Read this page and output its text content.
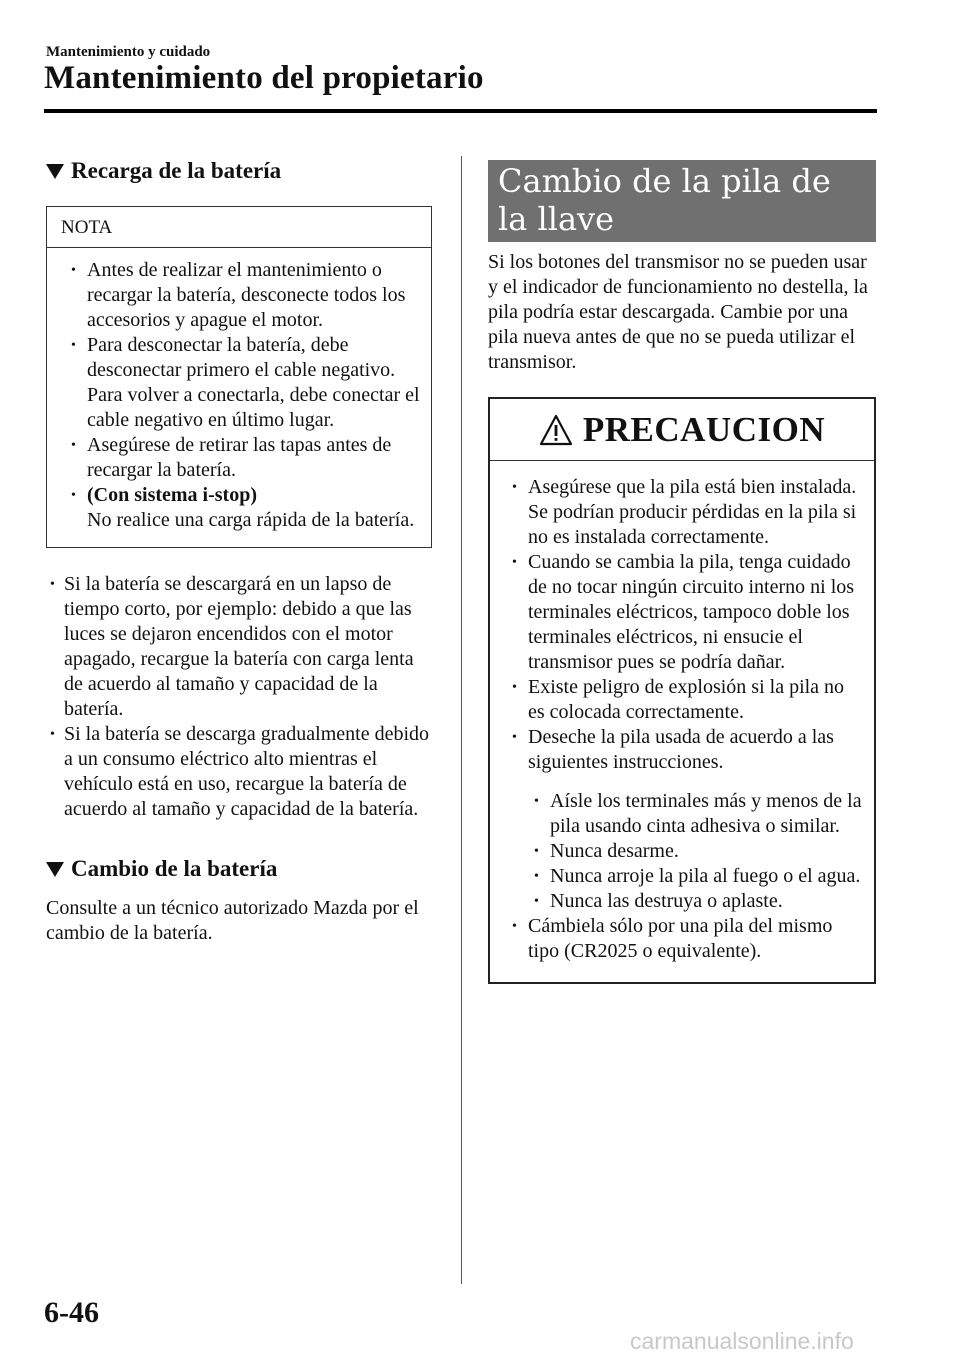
Mantenimiento y cuidado
Mantenimiento del propietario
Recarga de la batería
NOTA
• Antes de realizar el mantenimiento o recargar la batería, desconecte todos los accesorios y apague el motor.
• Para desconectar la batería, debe desconectar primero el cable negativo. Para volver a conectarla, debe conectar el cable negativo en último lugar.
• Asegúrese de retirar las tapas antes de recargar la batería.
• (Con sistema i-stop)
No realice una carga rápida de la batería.
• Si la batería se descargará en un lapso de tiempo corto, por ejemplo: debido a que las luces se dejaron encendidos con el motor apagado, recargue la batería con carga lenta de acuerdo al tamaño y capacidad de la batería.
• Si la batería se descarga gradualmente debido a un consumo eléctrico alto mientras el vehículo está en uso, recargue la batería de acuerdo al tamaño y capacidad de la batería.
Cambio de la batería
Consulte a un técnico autorizado Mazda por el cambio de la batería.
Cambio de la pila de la llave
Si los botones del transmisor no se pueden usar y el indicador de funcionamiento no destella, la pila podría estar descargada. Cambie por una pila nueva antes de que no se pueda utilizar el transmisor.
PRECAUCION
• Asegúrese que la pila está bien instalada. Se podrían producir pérdidas en la pila si no es instalada correctamente.
• Cuando se cambia la pila, tenga cuidado de no tocar ningún circuito interno ni los terminales eléctricos, tampoco doble los terminales eléctricos, ni ensucie el transmisor pues se podría dañar.
• Existe peligro de explosión si la pila no es colocada correctamente.
• Deseche la pila usada de acuerdo a las siguientes instrucciones.
• Aísle los terminales más y menos de la pila usando cinta adhesiva o similar.
• Nunca desarme.
• Nunca arroje la pila al fuego o el agua.
• Nunca las destruya o aplaste.
• Cámbiela sólo por una pila del mismo tipo (CR2025 o equivalente).
6-46
carmanualsonline.info
